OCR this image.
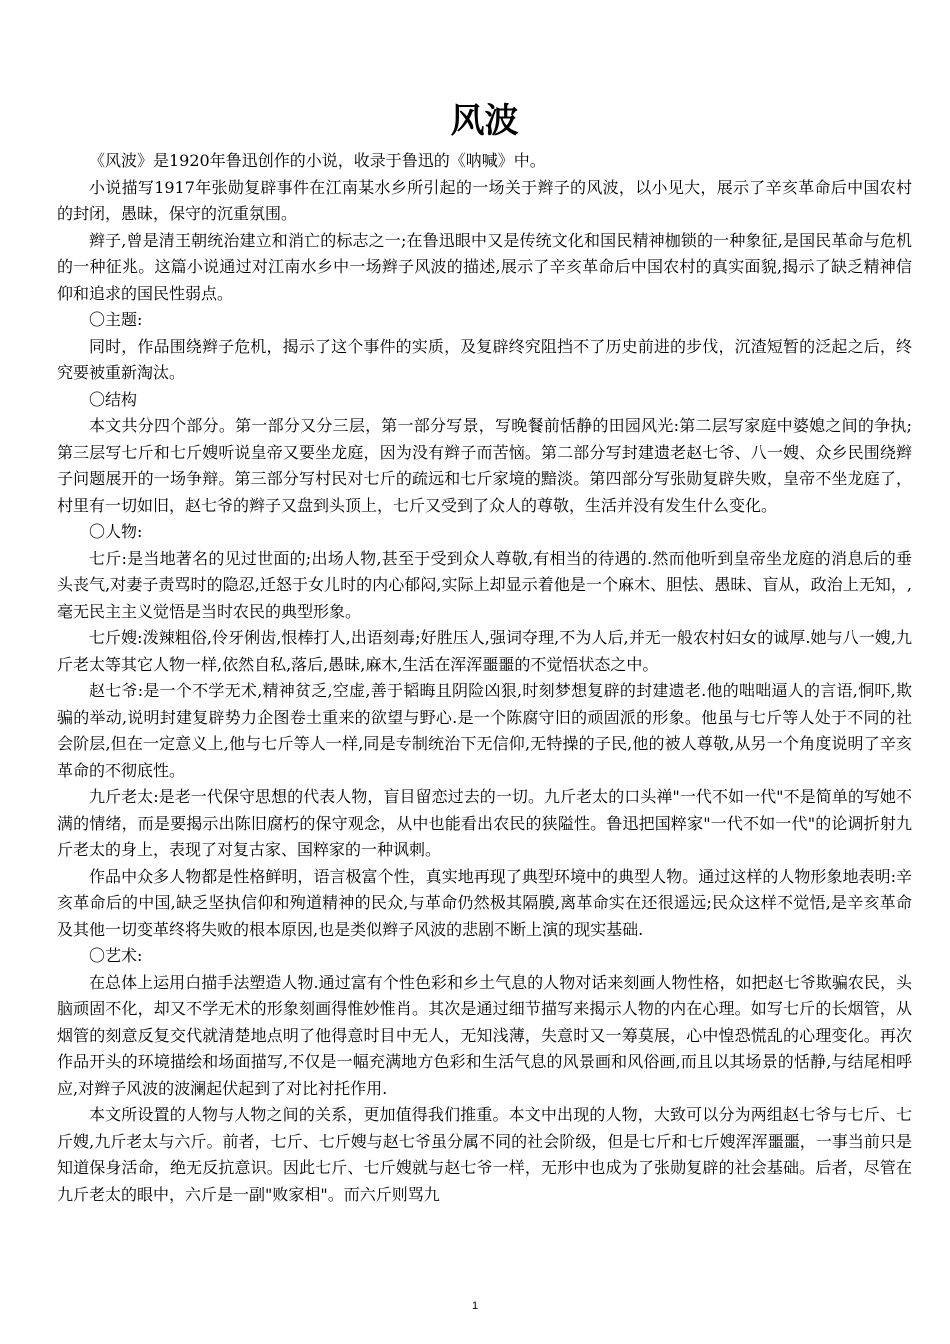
风波

《风波》是1920年鲁迅创作的小说，收录于鲁迅的《呐喊》中。

小说描写1917年张勋复辟事件在江南某水乡所引起的一场关于辫子的风波，以小见大，展示了辛亥革命后中国农村的封闭，愚昧，保守的沉重氛围。

辫子,曾是清王朝统治建立和消亡的标志之一;在鲁迅眼中又是传统文化和国民精神枷锁的一种象征,是国民革命与危机的一种征兆。这篇小说通过对江南水乡中一场辫子风波的描述,展示了辛亥革命后中国农村的真实面貌,揭示了缺乏精神信仰和追求的国民性弱点。

〇主题:

同时，作品围绕辫子危机，揭示了这个事件的实质，及复辟终究阻挡不了历史前进的步伐，沉渣短暂的泛起之后，终究要被重新淘汰。

〇结构

本文共分四个部分。第一部分又分三层，第一部分写景，写晚餐前恬静的田园风光:第二层写家庭中婆媳之间的争执;第三层写七斤和七斤嫂听说皇帝又要坐龙庭，因为没有辫子而苦恼。第二部分写封建遗老赵七爷、八一嫂、众乡民围绕辫子问题展开的一场争辩。第三部分写村民对七斤的疏远和七斤家境的黯淡。第四部分写张勋复辟失败，皇帝不坐龙庭了，村里有一切如旧，赵七爷的辫子又盘到头顶上，七斤又受到了众人的尊敬，生活并没有发生什么变化。

〇人物:

七斤:是当地著名的见过世面的;出场人物,甚至于受到众人尊敬,有相当的待遇的.然而他听到皇帝坐龙庭的消息后的垂头丧气,对妻子责骂时的隐忍,迁怒于女儿时的内心郁闷,实际上却显示着他是一个麻木、胆怯、愚昧、盲从，政治上无知，,毫无民主主义觉悟是当时农民的典型形象。

七斤嫂:泼辣粗俗,伶牙俐齿,恨棒打人,出语刻毒;好胜压人,强词夺理,不为人后,并无一般农村妇女的诚厚.她与八一嫂,九斤老太等其它人物一样,依然自私,落后,愚昧,麻木,生活在浑浑噩噩的不觉悟状态之中。

赵七爷:是一个不学无术,精神贫乏,空虚,善于韬晦且阴险凶狠,时刻梦想复辟的封建遗老.他的咄咄逼人的言语,恫吓,欺骗的举动,说明封建复辟势力企图卷土重来的欲望与野心.是一个陈腐守旧的顽固派的形象。他虽与七斤等人处于不同的社会阶层,但在一定意义上,他与七斤等人一样,同是专制统治下无信仰,无特操的子民,他的被人尊敬,从另一个角度说明了辛亥革命的不彻底性。

九斤老太:是老一代保守思想的代表人物，盲目留恋过去的一切。九斤老太的口头禅"一代不如一代"不是简单的写她不满的情绪，而是要揭示出陈旧腐朽的保守观念，从中也能看出农民的狭隘性。鲁迅把国粹家"一代不如一代"的论调折射九斤老太的身上，表现了对复古家、国粹家的一种讽刺。

作品中众多人物都是性格鲜明，语言极富个性，真实地再现了典型环境中的典型人物。通过这样的人物形象地表明:辛亥革命后的中国,缺乏坚执信仰和殉道精神的民众,与革命仍然极其隔膜,离革命实在还很遥远;民众这样不觉悟,是辛亥革命及其他一切变革终将失败的根本原因,也是类似辫子风波的悲剧不断上演的现实基础.

〇艺术:

在总体上运用白描手法塑造人物.通过富有个性色彩和乡土气息的人物对话来刻画人物性格，如把赵七爷欺骗农民，头脑顽固不化，却又不学无术的形象刻画得惟妙惟肖。其次是通过细节描写来揭示人物的内在心理。如写七斤的长烟管，从烟管的刻意反复交代就清楚地点明了他得意时目中无人，无知浅薄，失意时又一筹莫展，心中惶恐慌乱的心理变化。再次作品开头的环境描绘和场面描写,不仅是一幅充满地方色彩和生活气息的风景画和风俗画,而且以其场景的恬静,与结尾相呼应,对辫子风波的波澜起伏起到了对比衬托作用.

本文所设置的人物与人物之间的关系，更加值得我们推重。本文中出现的人物，大致可以分为两组赵七爷与七斤、七斤嫂,九斤老太与六斤。前者，七斤、七斤嫂与赵七爷虽分属不同的社会阶级，但是七斤和七斤嫂浑浑噩噩，一事当前只是知道保身活命，绝无反抗意识。因此七斤、七斤嫂就与赵七爷一样，无形中也成为了张勋复辟的社会基础。后者，尽管在九斤老太的眼中，六斤是一副"败家相"。而六斤则骂九

1
